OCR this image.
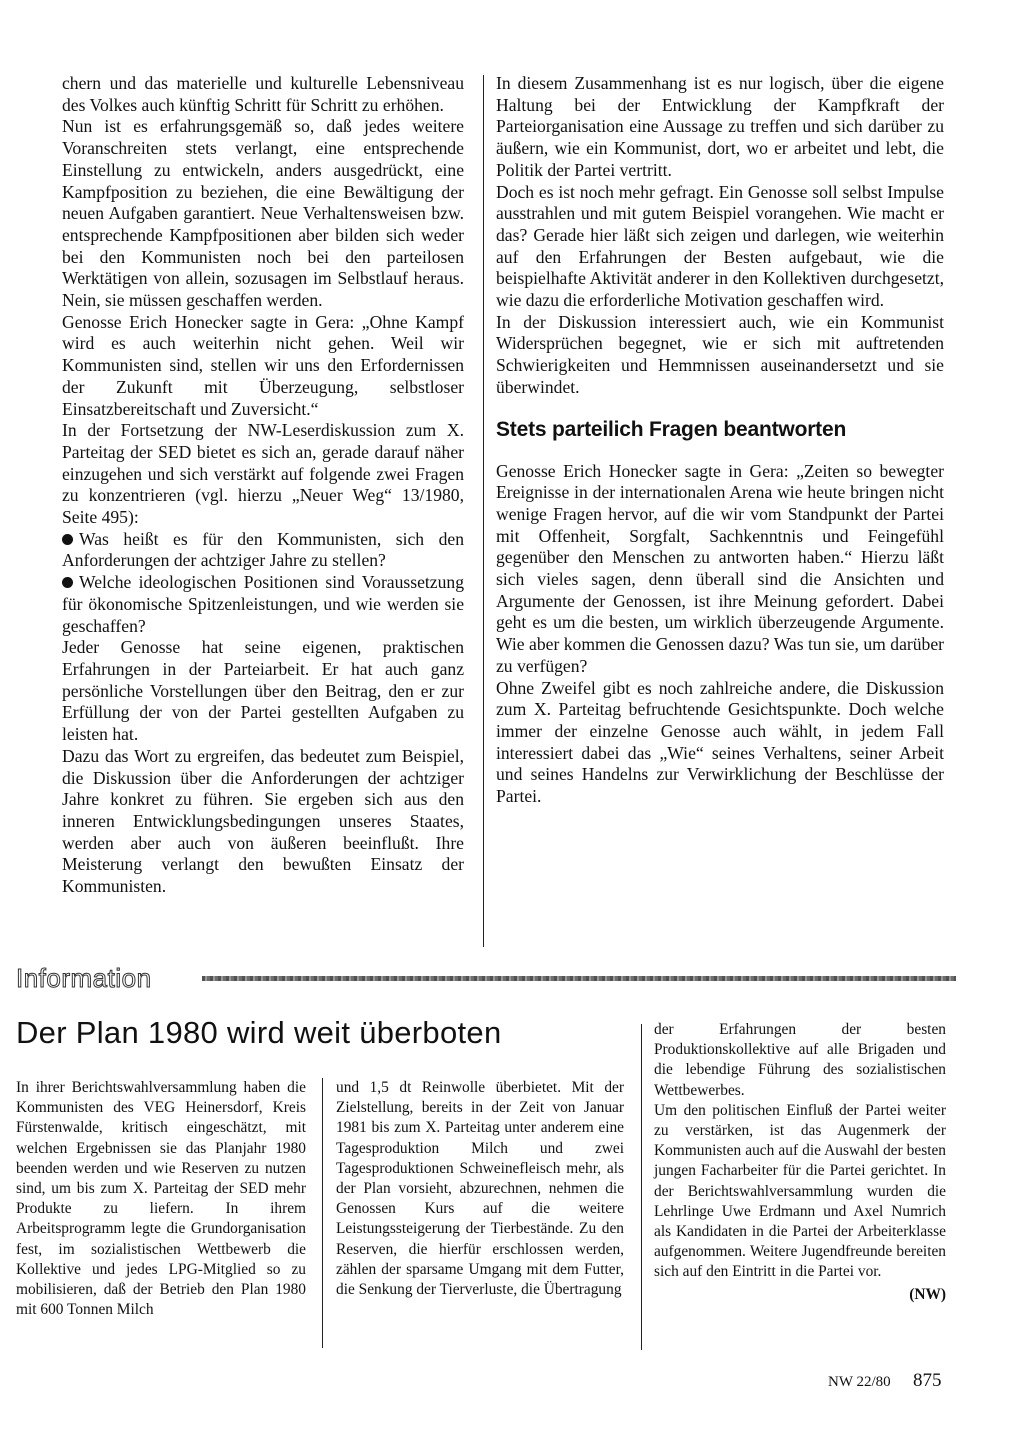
chern und das materielle und kulturelle Lebensniveau des Volkes auch künftig Schritt für Schritt zu erhöhen.

Nun ist es erfahrungsgemäß so, daß jedes weitere Voranschreiten stets verlangt, eine entsprechende Einstellung zu entwickeln, anders ausgedrückt, eine Kampfposition zu beziehen, die eine Bewältigung der neuen Aufgaben garantiert. Neue Verhaltensweisen bzw. entsprechende Kampfpositionen aber bilden sich weder bei den Kommunisten noch bei den parteilosen Werktätigen von allein, sozusagen im Selbstlauf heraus. Nein, sie müssen geschaffen werden.

Genosse Erich Honecker sagte in Gera: „Ohne Kampf wird es auch weiterhin nicht gehen. Weil wir Kommunisten sind, stellen wir uns den Erfordernissen der Zukunft mit Überzeugung, selbstloser Einsatzbereitschaft und Zuversicht.“

In der Fortsetzung der NW-Leserdiskussion zum X. Parteitag der SED bietet es sich an, gerade darauf näher einzugehen und sich verstärkt auf folgende zwei Fragen zu konzentrieren (vgl. hierzu „Neuer Weg“ 13/1980, Seite 495):

Was heißt es für den Kommunisten, sich den Anforderungen der achtziger Jahre zu stellen?

Welche ideologischen Positionen sind Voraussetzung für ökonomische Spitzenleistungen, und wie werden sie geschaffen?

Jeder Genosse hat seine eigenen, praktischen Erfahrungen in der Parteiarbeit. Er hat auch ganz persönliche Vorstellungen über den Beitrag, den er zur Erfüllung der von der Partei gestellten Aufgaben zu leisten hat.

Dazu das Wort zu ergreifen, das bedeutet zum Beispiel, die Diskussion über die Anforderungen der achtziger Jahre konkret zu führen. Sie ergeben sich aus den inneren Entwicklungsbedingungen unseres Staates, werden aber auch von äußeren beeinflußt. Ihre Meisterung verlangt den bewußten Einsatz der Kommunisten.

In diesem Zusammenhang ist es nur logisch, über die eigene Haltung bei der Entwicklung der Kampfkraft der Parteiorganisation eine Aussage zu treffen und sich darüber zu äußern, wie ein Kommunist, dort, wo er arbeitet und lebt, die Politik der Partei vertritt.

Doch es ist noch mehr gefragt. Ein Genosse soll selbst Impulse ausstrahlen und mit gutem Beispiel vorangehen. Wie macht er das? Gerade hier läßt sich zeigen und darlegen, wie weiterhin auf den Erfahrungen der Besten aufgebaut, wie die beispielhafte Aktivität anderer in den Kollektiven durchgesetzt, wie dazu die erforderliche Motivation geschaffen wird.

In der Diskussion interessiert auch, wie ein Kommunist Widersprüchen begegnet, wie er sich mit auftretenden Schwierigkeiten und Hemmnissen auseinandersetzt und sie überwindet.

Stets parteilich Fragen beantworten

Genosse Erich Honecker sagte in Gera: „Zeiten so bewegter Ereignisse in der internationalen Arena wie heute bringen nicht wenige Fragen hervor, auf die wir vom Standpunkt der Partei mit Offenheit, Sorgfalt, Sachkenntnis und Feingefühl gegenüber den Menschen zu antworten haben.“ Hierzu läßt sich vieles sagen, denn überall sind die Ansichten und Argumente der Genossen, ist ihre Meinung gefordert. Dabei geht es um die besten, um wirklich überzeugende Argumente. Wie aber kommen die Genossen dazu? Was tun sie, um darüber zu verfügen?

Ohne Zweifel gibt es noch zahlreiche andere, die Diskussion zum X. Parteitag befruchtende Gesichtspunkte. Doch welche immer der einzelne Genosse auch wählt, in jedem Fall interessiert dabei das „Wie“ seines Verhaltens, seiner Arbeit und seines Handelns zur Verwirklichung der Beschlüsse der Partei.

Information
Der Plan 1980 wird weit überboten

In ihrer Berichtswahlversammlung haben die Kommunisten des VEG Heinersdorf, Kreis Fürstenwalde, kritisch eingeschätzt, mit welchen Ergebnissen sie das Planjahr 1980 beenden werden und wie Reserven zu nutzen sind, um bis zum X. Parteitag der SED mehr Produkte zu liefern. In ihrem Arbeitsprogramm legte die Grundorganisation fest, im sozialistischen Wettbewerb die Kollektive und jedes LPG-Mitglied so zu mobilisieren, daß der Betrieb den Plan 1980 mit 600 Tonnen Milch

und 1,5 dt Reinwolle überbietet. Mit der Zielstellung, bereits in der Zeit von Januar 1981 bis zum X. Parteitag unter anderem eine Tagesproduktion Milch und zwei Tagesproduktionen Schweinefleisch mehr, als der Plan vorsieht, abzurechnen, nehmen die Genossen Kurs auf die weitere Leistungssteigerung der Tierbestände. Zu den Reserven, die hierfür erschlossen werden, zählen der sparsame Umgang mit dem Futter, die Senkung der Tierverluste, die Übertragung

der Erfahrungen der besten Produktionskollektive auf alle Brigaden und die lebendige Führung des sozialistischen Wettbewerbes.

Um den politischen Einfluß der Partei weiter zu verstärken, ist das Augenmerk der Kommunisten auch auf die Auswahl der besten jungen Facharbeiter für die Partei gerichtet. In der Berichtswahlversammlung wurden die Lehrlinge Uwe Erdmann und Axel Numrich als Kandidaten in die Partei der Arbeiterklasse aufgenommen. Weitere Jugendfreunde bereiten sich auf den Eintritt in die Partei vor.

(NW)
NW 22/80 875
